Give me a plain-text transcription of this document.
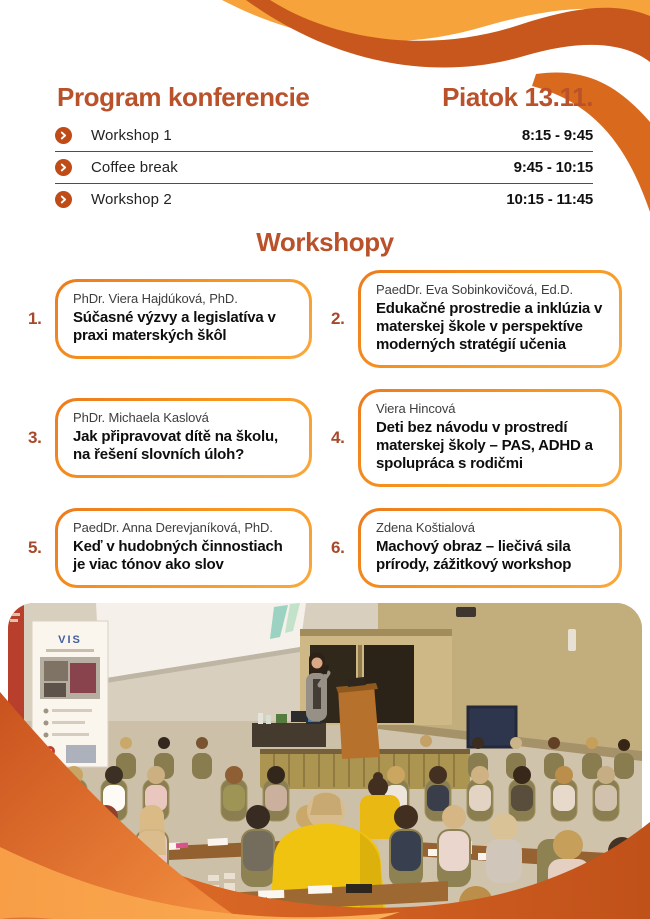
Program konferencie	Piatok 13.11.
Workshop 1	8:15 - 9:45
Coffee break	9:45 - 10:15
Workshop 2	10:15 - 11:45
Workshopy
1.
PhDr. Viera Hajdúková, PhD.
Súčasné výzvy a legislatíva v praxi materských škôl
2.
PaedDr. Eva Sobinkovičová, Ed.D.
Edukačné prostredie a inklúzia v materskej škole v perspektíve moderných stratégií učenia
3.
PhDr. Michaela Kaslová
Jak připravovat dítě na školu, na řešení slovních úloh?
4.
Viera Hincová
Deti bez návodu v prostredí materskej školy – PAS, ADHD a spolupráca s rodičmi
5.
PaedDr. Anna Derevjaníková, PhD.
Keď v hudobných činnostiach je viac tónov ako slov
6.
Zdena Koštialová
Machový obraz – liečivá sila prírody, zážitkový workshop
VIS
